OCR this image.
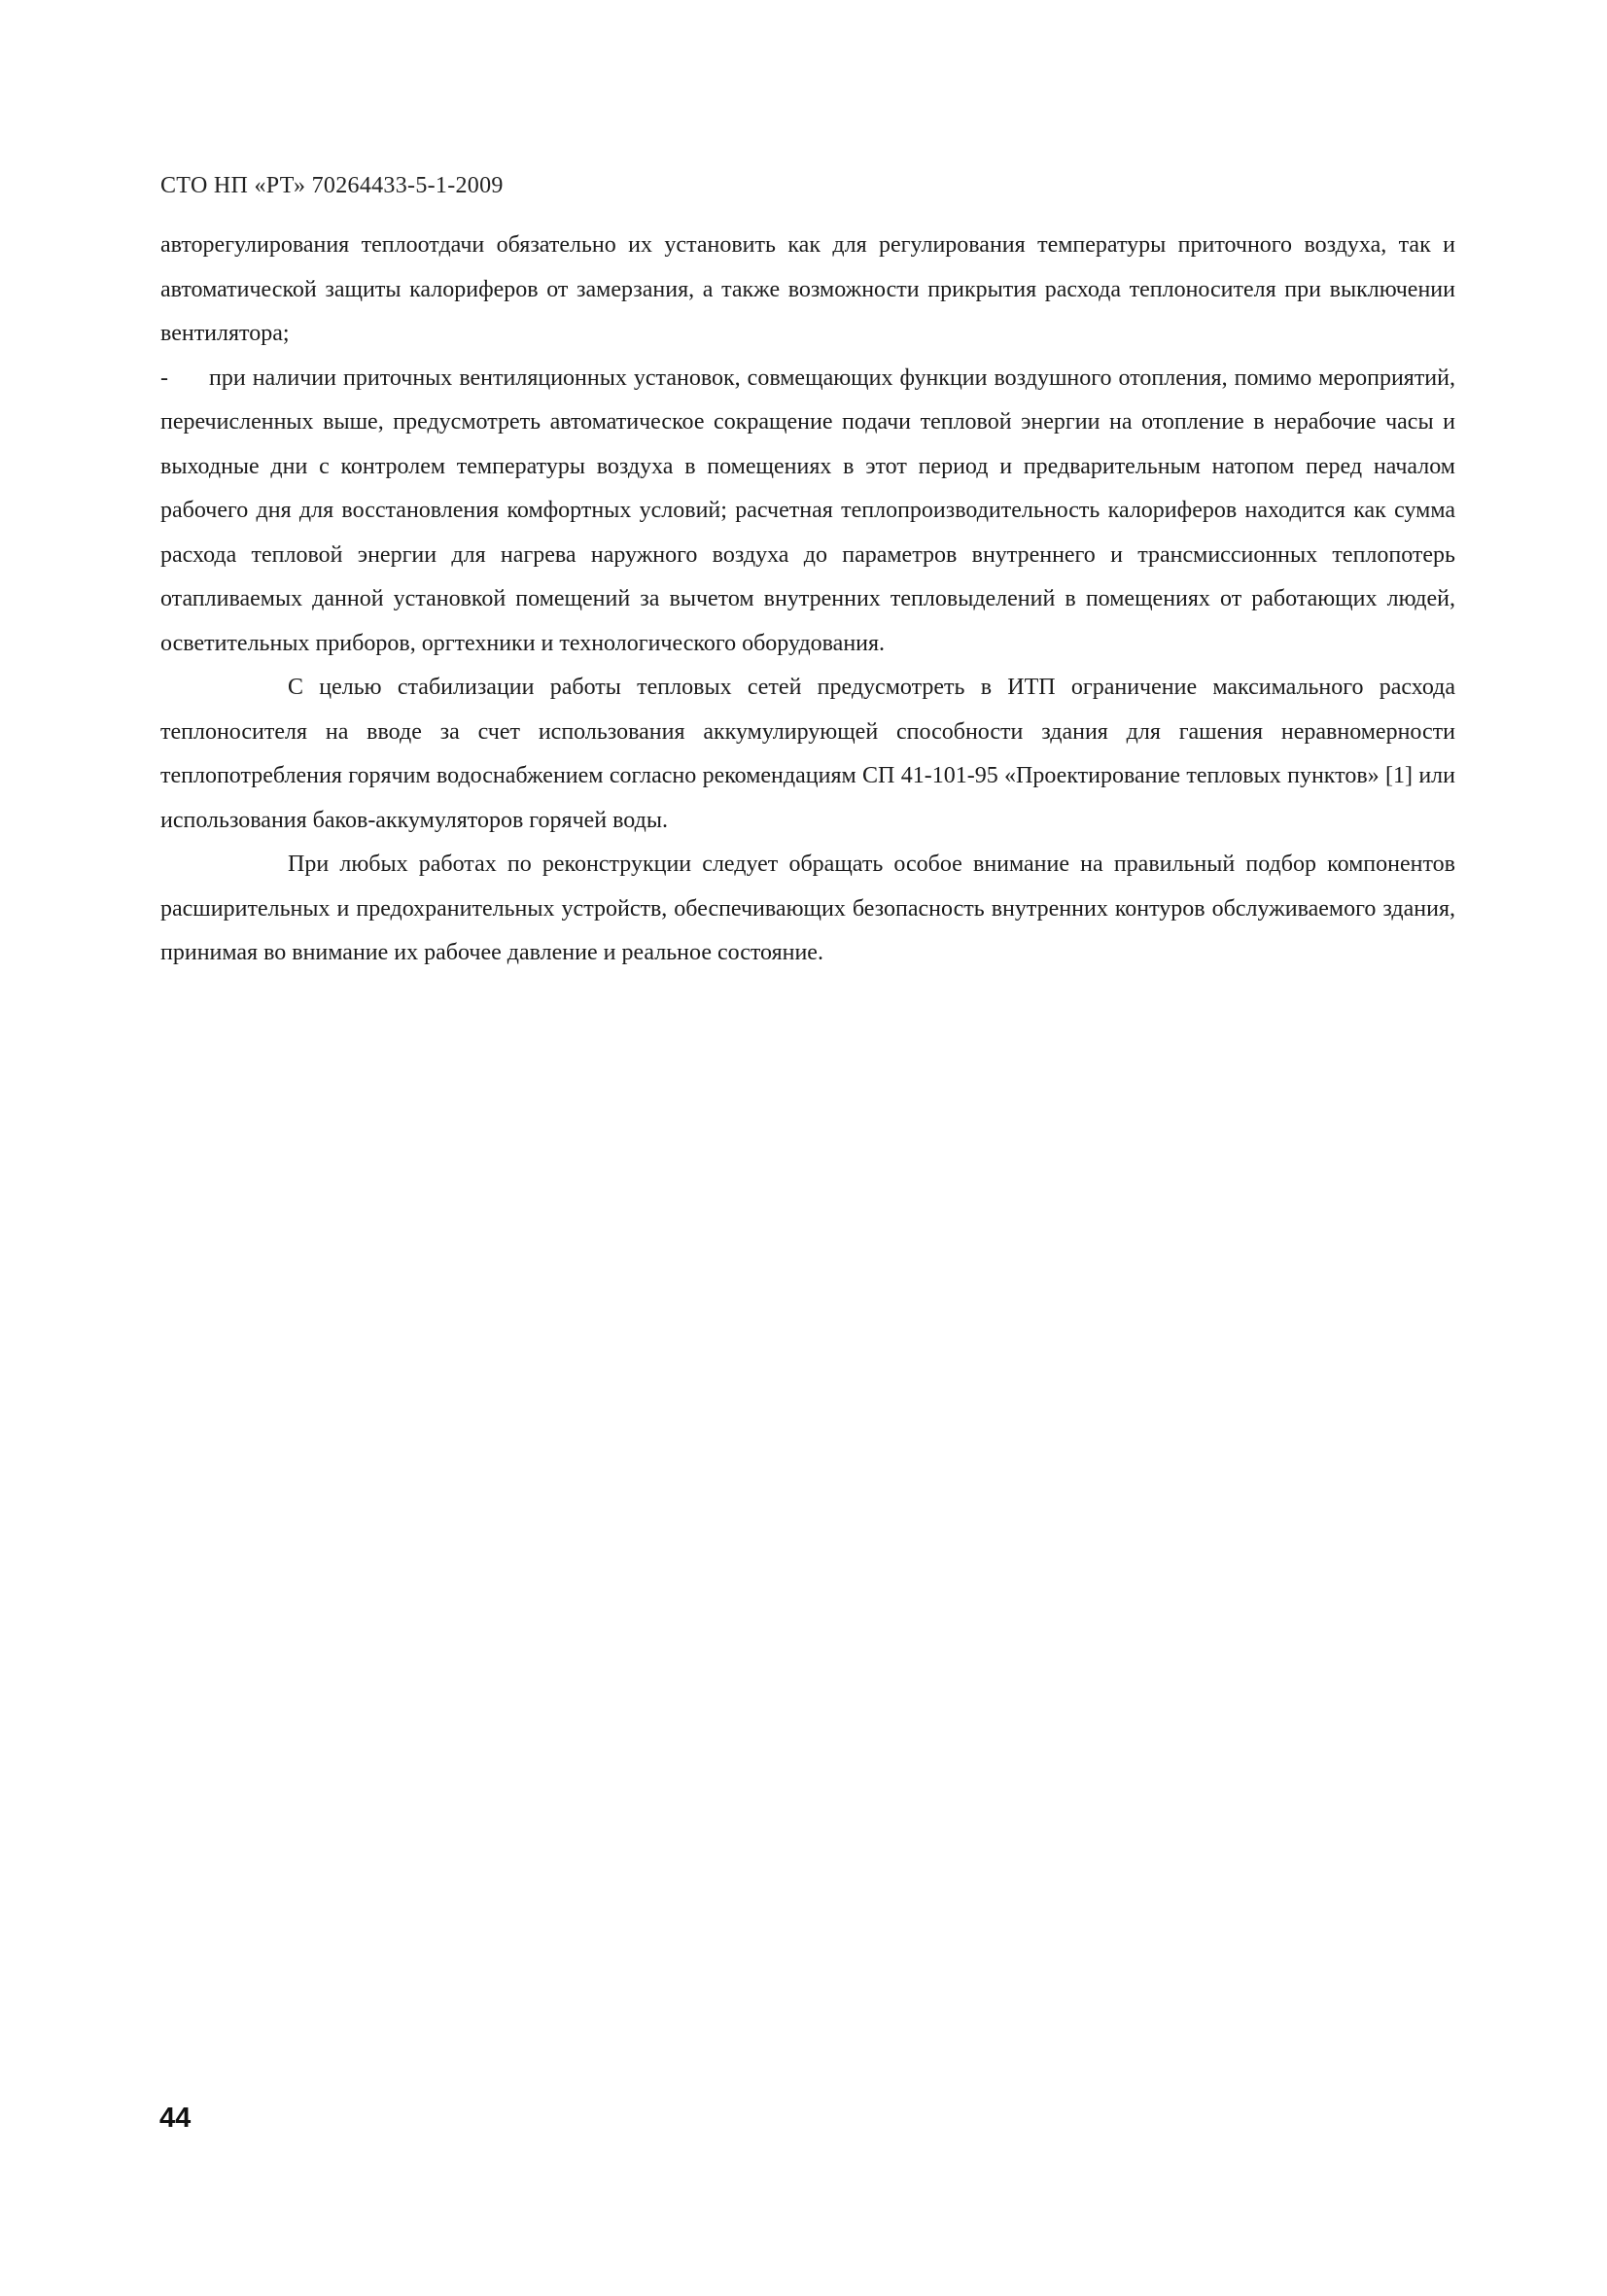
СТО НП «РТ» 70264433-5-1-2009

авторегулирования теплоотдачи обязательно их установить как для регулирования температуры приточного воздуха, так и автоматической защиты калориферов от замерзания, а также возможности прикрытия расхода теплоносителя при выключении вентилятора;

- при наличии приточных вентиляционных установок, совмещающих функции воздушного отопления, помимо мероприятий, перечисленных выше, предусмотреть автоматическое сокращение подачи тепловой энергии на отопление в нерабочие часы и выходные дни с контролем температуры воздуха в помещениях в этот период и предварительным натопом перед началом рабочего дня для восстановления комфортных условий; расчетная теплопроизводительность калориферов находится как сумма расхода тепловой энергии для нагрева наружного воздуха до параметров внутреннего и трансмиссионных теплопотерь отапливаемых данной установкой помещений за вычетом внутренних тепловыделений в помещениях от работающих людей, осветительных приборов, оргтехники и технологического оборудования.

С целью стабилизации работы тепловых сетей предусмотреть в ИТП ограничение максимального расхода теплоносителя на вводе за счет использования аккумулирующей способности здания для гашения неравномерности теплопотребления горячим водоснабжением согласно рекомендациям СП 41-101-95 «Проектирование тепловых пунктов» [1] или использования баков-аккумуляторов горячей воды.

При любых работах по реконструкции следует обращать особое внимание на правильный подбор компонентов расширительных и предохранительных устройств, обеспечивающих безопасность внутренних контуров обслуживаемого здания, принимая во внимание их рабочее давление и реальное состояние.

44
